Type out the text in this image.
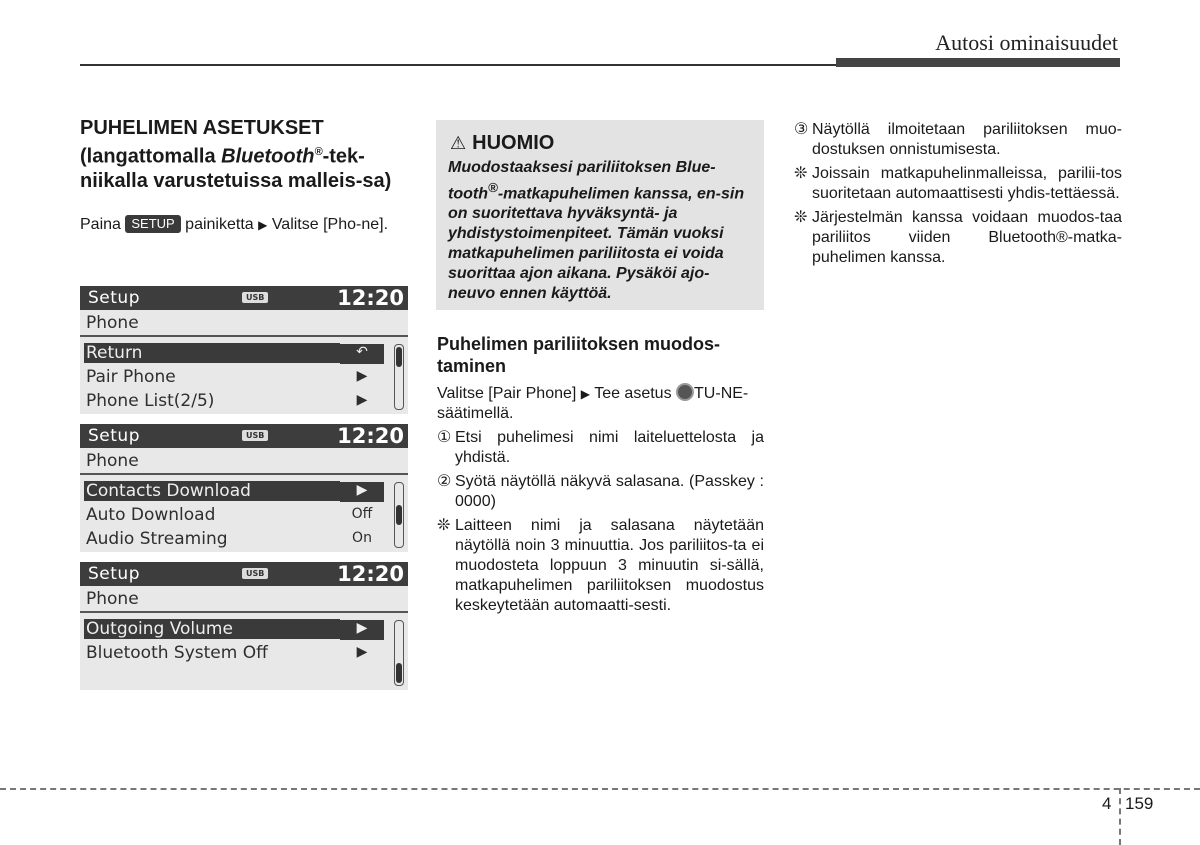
Autosi ominaisuudet
PUHELIMEN ASETUKSET
(langattomalla Bluetooth®-tek-niikalla varustetuissa malleis-sa)

Paina SETUP painiketta ▶ Valitse [Pho-ne].

Setup	USB	12:20
Phone
Return	↶
Pair Phone	▶
Phone List(2/5)	▶
Setup	USB	12:20
Phone
Contacts Download	▶
Auto Download	Off
Audio Streaming	On
Setup	USB	12:20
Phone
Outgoing Volume	▶
Bluetooth System Off	▶
⚠ HUOMIO
Muodostaaksesi pariliitoksen Blue-tooth®-matkapuhelimen kanssa, en-sin on suoritettava hyväksyntä- ja yhdistystoimenpiteet. Tämän vuoksi matkapuhelimen pariliitosta ei voida suorittaa ajon aikana. Pysäköi ajo-neuvo ennen käyttöä.
Puhelimen pariliitoksen muodos-taminen

Valitse [Pair Phone] ▶ Tee asetus TU-NE-säätimellä.

① Etsi puhelimesi nimi laiteluettelosta ja yhdistä.

② Syötä näytöllä näkyvä salasana. (Passkey : 0000)

❊ Laitteen nimi ja salasana näytetään näytöllä noin 3 minuuttia. Jos pariliitos-ta ei muodosteta loppuun 3 minuutin si-sällä, matkapuhelimen pariliitoksen muodostus keskeytetään automaatti-sesti.

③ Näytöllä ilmoitetaan pariliitoksen muo-dostuksen onnistumisesta.

❊ Joissain matkapuhelinmalleissa, parilii-tos suoritetaan automaattisesti yhdis-tettäessä.

❊ Järjestelmän kanssa voidaan muodos-taa pariliitos viiden Bluetooth®-matka-puhelimen kanssa.

4 159
